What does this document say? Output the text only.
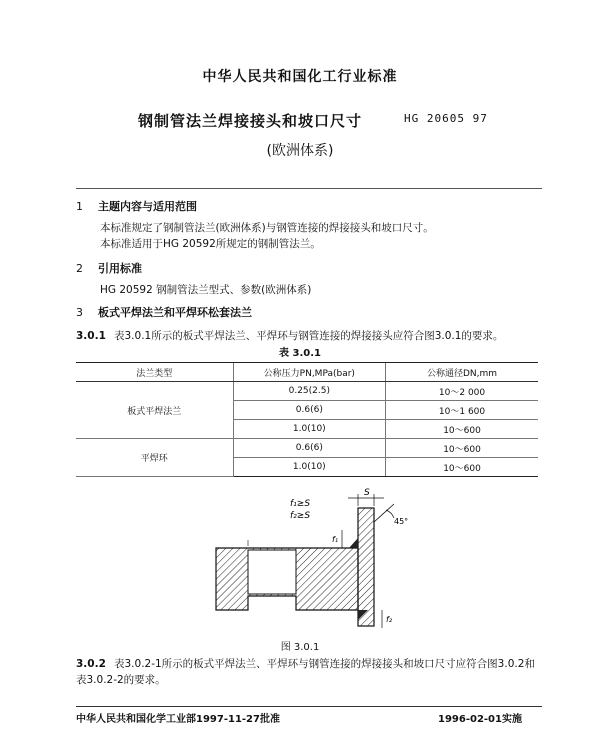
中华人民共和国化工行业标准
钢制管法兰焊接接头和坡口尺寸	HG 20605 97
(欧洲体系)
1 主题内容与适用范围
本标准规定了钢制管法兰(欧洲体系)与钢管连接的焊接接头和坡口尺寸。
本标准适用于HG 20592所规定的钢制管法兰。
2 引用标准
HG 20592 钢制管法兰型式、参数(欧洲体系)
3 板式平焊法兰和平焊环松套法兰
3.0.1 表3.0.1所示的板式平焊法兰、平焊环与钢管连接的焊接接头应符合图3.0.1的要求。
表 3.0.1
法兰类型	公称压力PN,MPa(bar)	公称通径DN,mm
板式平焊法兰	0.25(2.5)	10～2 000
	0.6(6)	10～1 600
	1.0(10)	10～600
平焊环	0.6(6)	10～600
	1.0(10)	10～600
f₁≥S
f₂≥S
S
45°
f₁
f₂
图 3.0.1
3.0.2 表3.0.2-1所示的板式平焊法兰、平焊环与钢管连接的焊接接头和坡口尺寸应符合图3.0.2和
表3.0.2-2的要求。
中华人民共和国化学工业部1997-11-27批准	1996-02-01实施
